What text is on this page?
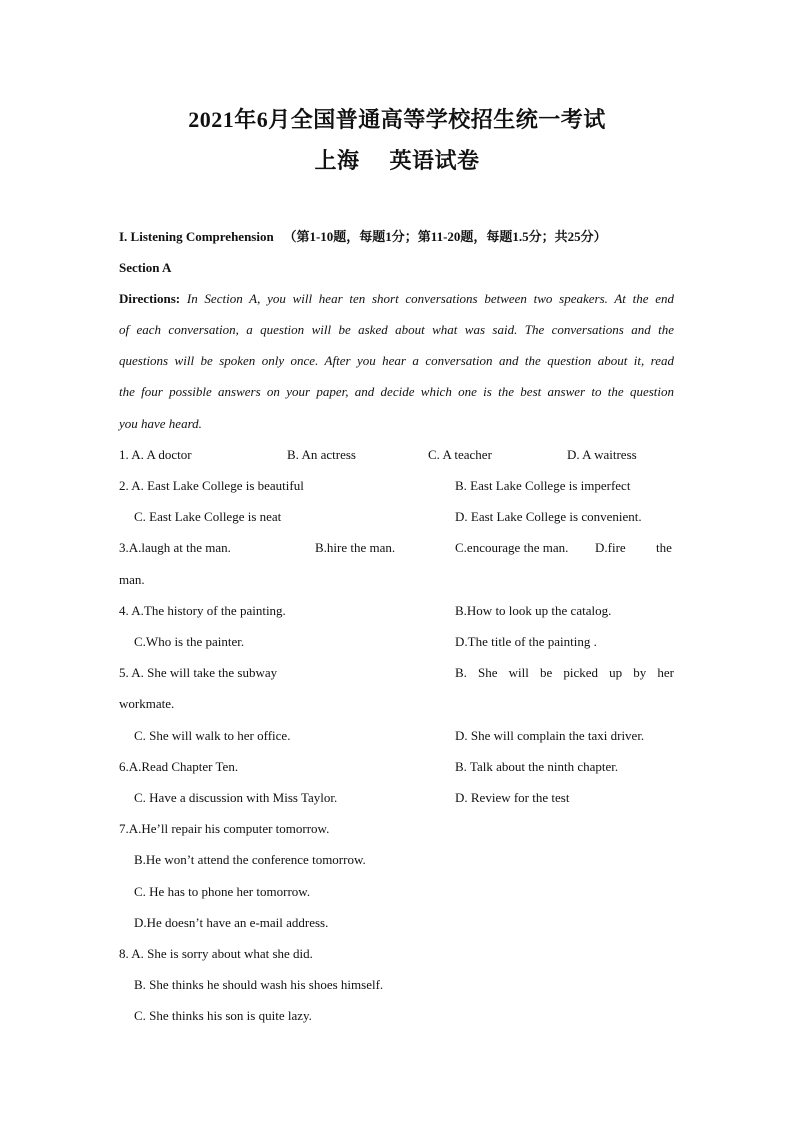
2021年6月全国普通高等学校招生统一考试
上海 英语试卷
I. Listening Comprehension （第1-10题，每题1分；第11-20题，每题1.5分；共25分）
Section A
Directions: In Section A, you will hear ten short conversations between two speakers. At the end
of each conversation, a question will be asked about what was said. The conversations and the
questions will be spoken only once. After you hear a conversation and the question about it, read
the four possible answers on your paper, and decide which one is the best answer to the question
you have heard.
1. A. A doctor	B. An actress	C. A teacher	D. A waitress
2. A. East Lake College is beautiful	B. East Lake College is imperfect
C. East Lake College is neat	D. East Lake College is convenient.
3.A.laugh at the man.	B.hire the man.	C.encourage the man. D.fire the
man.
4. A.The history of the painting.	B.How to look up the catalog.
C.Who is the painter.	D.The title of the painting .
5. A. She will take the subway	B.  She  will  be  picked  up  by  her
workmate.
C. She will walk to her office.	D. She will complain the taxi driver.
6.A.Read Chapter Ten.	B. Talk about the ninth chapter.
C. Have a discussion with Miss Taylor.	D. Review for the test
7.A.He’ll repair his computer tomorrow.
B.He won’t attend the conference tomorrow.
C. He has to phone her tomorrow.
D.He doesn’t have an e-mail address.
8. A. She is sorry about what she did.
B. She thinks he should wash his shoes himself.
C. She thinks his son is quite lazy.
